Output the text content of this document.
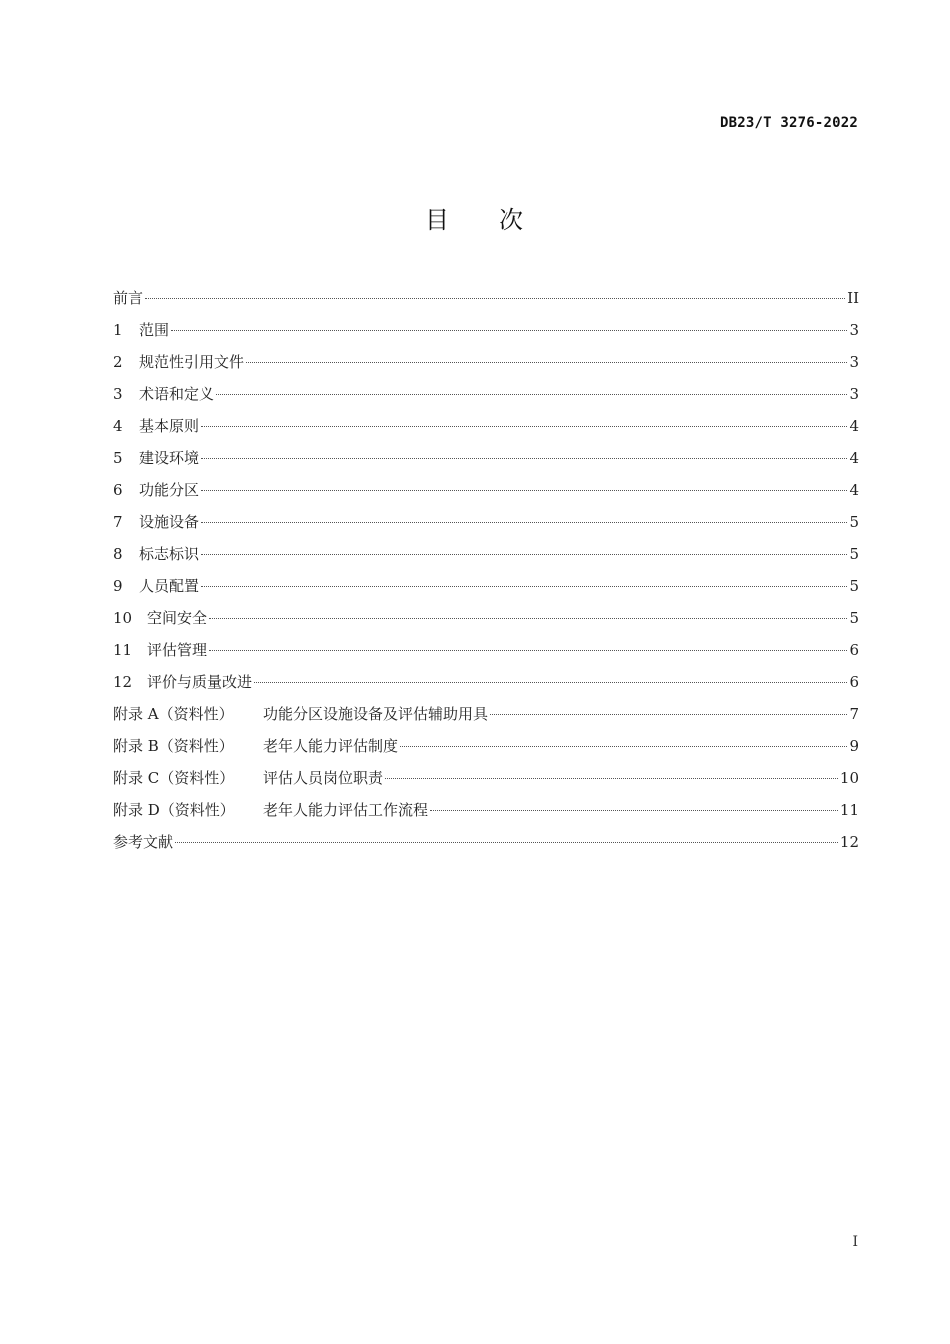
DB23/T 3276-2022
目 次
前言	II
1	范围	3
2	规范性引用文件	3
3	术语和定义	3
4	基本原则	4
5	建设环境	4
6	功能分区	4
7	设施设备	5
8	标志标识	5
9	人员配置	5
10 空间安全	5
11 评估管理	6
12 评价与质量改进	6
附录 A（资料性）	功能分区设施设备及评估辅助用具	7
附录 B（资料性）	老年人能力评估制度	9
附录 C（资料性）	评估人员岗位职责	10
附录 D（资料性）	老年人能力评估工作流程	11
参考文献	12
I
